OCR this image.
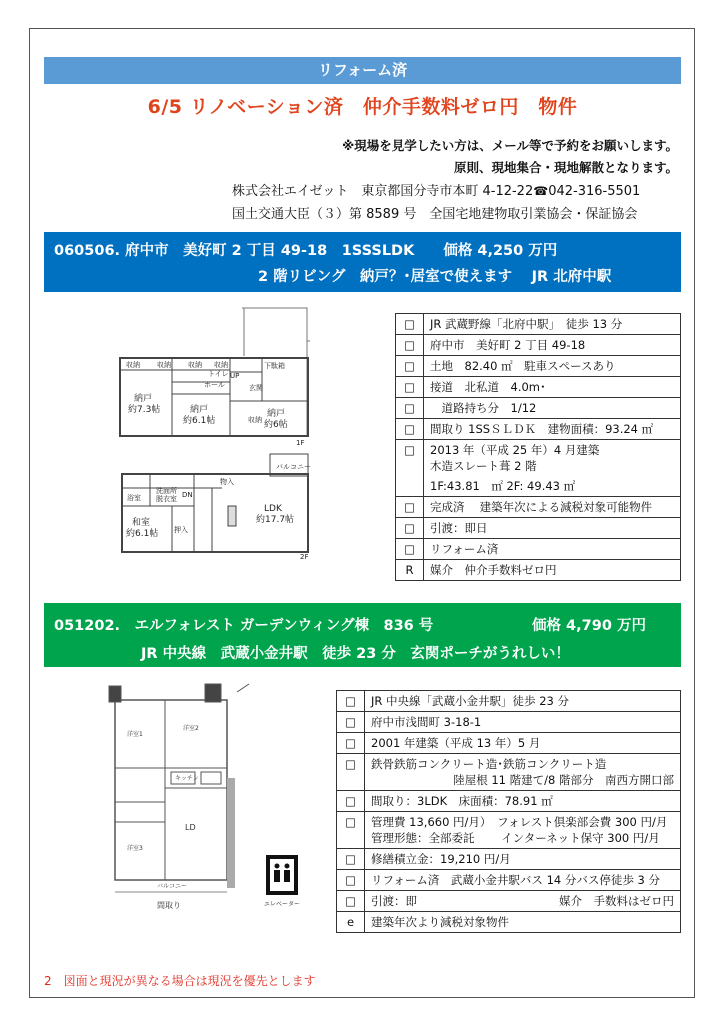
リフォーム済
6/5 リノベーション済　仲介手数料ゼロ円　物件
※現場を見学したい方は、メール等で予約をお願いします。
原則、現地集合・現地解散となります。
株式会社エイゼット　東京都国分寺市本町 4-12-22☎042-316-5501
国土交通大臣（３）第 8589 号　全国宅地建物取引業協会・保証協会
060506. 府中市　美好町 2 丁目 49-18　1SSSLDK　　価格 4,250 万円
2 階リビング　納戸？･居室で使えます　 JR 北府中駅
収納 収納 収納 収納
トイレ
下駄箱
UP
ホール	玄関
収納
1F
納戸
約7.3帖	納戸
約6.1帖
納戸
約6帖
バルコニー
浴室
洗面所
脱衣室 DN
物入
押入
2F
和室
約6.1帖
LDK
約17.7帖
□	JR 武蔵野線「北府中駅」　徒歩 13 分
□	府中市　美好町 2 丁目 49-18
□	土地　82.40 ㎡　駐車スペースあり
□	接道　北私道　4.0m･
□	　道路持ち分　1/12
□	間取り 1SSＳＬＤＫ　建物面積：93.24 ㎡
□	2013 年（平成 25 年）4 月建築
木造スレート葺 2 階
1F:43.81　㎡ 2F: 49.43 ㎡

□	完成済　 建築年次による減税対象可能物件
□	引渡：即日
□	リフォーム済
R	媒介　仲介手数料ゼロ円
051202.　エルフォレスト ガーデンウィング棟　836 号	価格 4,790 万円
JR 中央線　武蔵小金井駅　徒歩 23 分　玄関ポーチがうれしい！
洋室1
洋室2
洋室3
キッチン
バルコニー
LD
間取り	エレベーター
□	JR 中央線「武蔵小金井駅」徒歩 23 分
□	府中市浅間町 3-18-1
□	2001 年建築（平成 13 年）5 月
□	鉄骨鉄筋コンクリート造･鉄筋コンクリート造
陸屋根 11 階建て/8 階部分　南西方開口部

□	間取り：3LDK　床面積：78.91 ㎡
□	管理費 13,660 円/月）　フォレスト倶楽部会費 300 円/月
管理形態：全部委託　　 インターネット保守 300 円/月

□	修繕積立金：19,210 円/月
□	リフォーム済　武蔵小金井駅バス 14 分バス停徒歩 3 分
□	引渡：即 媒介　手数料はゼロ円

e	建築年次より減税対象物件
2　図面と現況が異なる場合は現況を優先とします
